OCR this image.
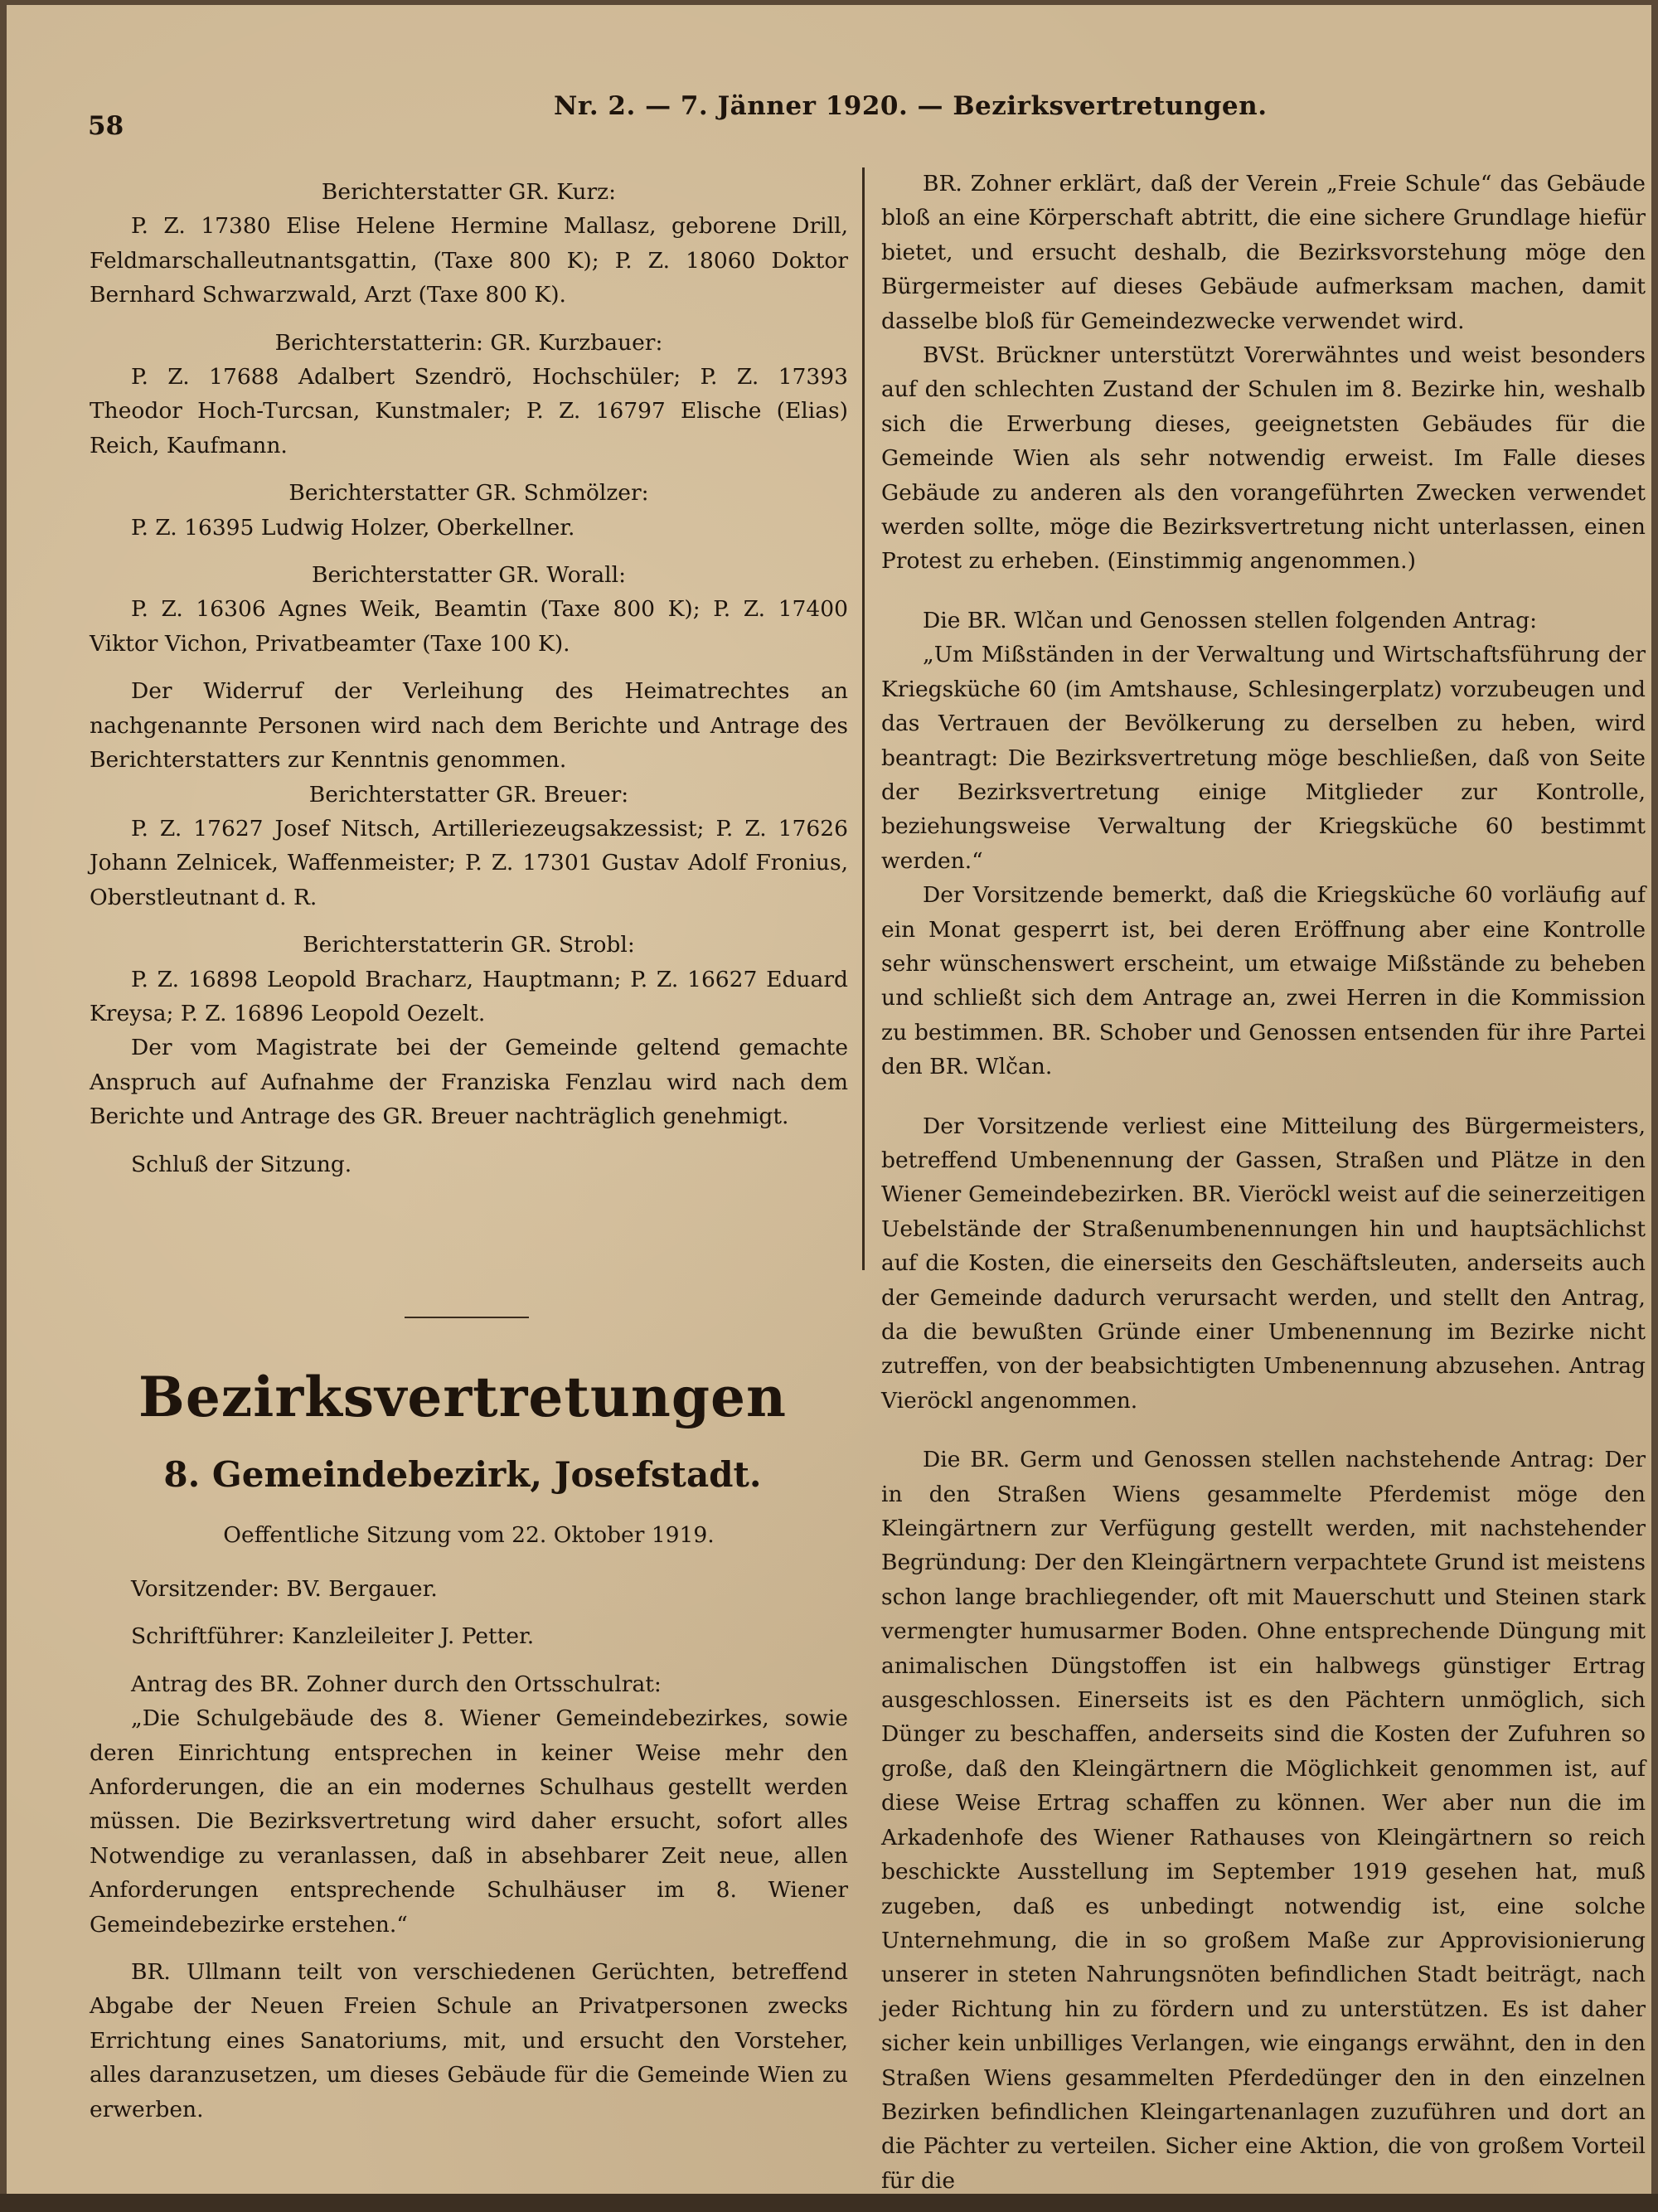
58
Nr. 2. — 7. Jänner 1920. — Bezirksvertretungen.

Berichterstatter GR. Kurz:

P. Z. 17380 Elise Helene Hermine Mallasz, geborene Drill, Feldmarschalleutnantsgattin, (Taxe 800 K); P. Z. 18060 Doktor Bernhard Schwarzwald, Arzt (Taxe 800 K).

Berichterstatterin: GR. Kurzbauer:

P. Z. 17688 Adalbert Szendrö, Hochschüler; P. Z. 17393 Theodor Hoch-Turcsan, Kunstmaler; P. Z. 16797 Elische (Elias) Reich, Kaufmann.

Berichterstatter GR. Schmölzer:

P. Z. 16395 Ludwig Holzer, Oberkellner.

Berichterstatter GR. Worall:

P. Z. 16306 Agnes Weik, Beamtin (Taxe 800 K); P. Z. 17400 Viktor Vichon, Privatbeamter (Taxe 100 K).

Der Widerruf der Verleihung des Heimatrechtes an nachgenannte Personen wird nach dem Berichte und Antrage des Berichterstatters zur Kenntnis genommen.

Berichterstatter GR. Breuer:

P. Z. 17627 Josef Nitsch, Artilleriezeugsakzessist; P. Z. 17626 Johann Zelnicek, Waffenmeister; P. Z. 17301 Gustav Adolf Fronius, Oberstleutnant d. R.

Berichterstatterin GR. Strobl:

P. Z. 16898 Leopold Bracharz, Hauptmann; P. Z. 16627 Eduard Kreysa; P. Z. 16896 Leopold Oezelt.

Der vom Magistrate bei der Gemeinde geltend gemachte Anspruch auf Aufnahme der Franziska Fenzlau wird nach dem Berichte und Antrage des GR. Breuer nachträglich genehmigt.

Schluß der Sitzung.

Bezirksvertretungen
8. Gemeindebezirk, Josefstadt.
Oeffentliche Sitzung vom 22. Oktober 1919.

Vorsitzender: BV. Bergauer.

Schriftführer: Kanzleileiter J. Petter.

Antrag des BR. Zohner durch den Ortsschulrat:

„Die Schulgebäude des 8. Wiener Gemeindebezirkes, sowie deren Einrichtung entsprechen in keiner Weise mehr den Anforderungen, die an ein modernes Schulhaus gestellt werden müssen. Die Bezirksvertretung wird daher ersucht, sofort alles Notwendige zu veranlassen, daß in absehbarer Zeit neue, allen Anforderungen entsprechende Schulhäuser im 8. Wiener Gemeindebezirke erstehen.“

BR. Ullmann teilt von verschiedenen Gerüchten, betreffend Abgabe der Neuen Freien Schule an Privatpersonen zwecks Errichtung eines Sanatoriums, mit, und ersucht den Vorsteher, alles daranzusetzen, um dieses Gebäude für die Gemeinde Wien zu erwerben.

BR. Zohner erklärt, daß der Verein „Freie Schule“ das Gebäude bloß an eine Körperschaft abtritt, die eine sichere Grundlage hiefür bietet, und ersucht deshalb, die Bezirksvorstehung möge den Bürgermeister auf dieses Gebäude aufmerksam machen, damit dasselbe bloß für Gemeindezwecke verwendet wird.

BVSt. Brückner unterstützt Vorerwähntes und weist besonders auf den schlechten Zustand der Schulen im 8. Bezirke hin, weshalb sich die Erwerbung dieses, geeignetsten Gebäudes für die Gemeinde Wien als sehr notwendig erweist. Im Falle dieses Gebäude zu anderen als den vorangeführten Zwecken verwendet werden sollte, möge die Bezirksvertretung nicht unterlassen, einen Protest zu erheben. (Einstimmig angenommen.)

Die BR. Wlčan und Genossen stellen folgenden Antrag:

„Um Mißständen in der Verwaltung und Wirtschaftsführung der Kriegsküche 60 (im Amtshause, Schlesingerplatz) vorzubeugen und das Vertrauen der Bevölkerung zu derselben zu heben, wird beantragt: Die Bezirksvertretung möge beschließen, daß von Seite der Bezirksvertretung einige Mitglieder zur Kontrolle, beziehungsweise Verwaltung der Kriegsküche 60 bestimmt werden.“

Der Vorsitzende bemerkt, daß die Kriegsküche 60 vorläufig auf ein Monat gesperrt ist, bei deren Eröffnung aber eine Kontrolle sehr wünschenswert erscheint, um etwaige Mißstände zu beheben und schließt sich dem Antrage an, zwei Herren in die Kommission zu bestimmen. BR. Schober und Genossen entsenden für ihre Partei den BR. Wlčan.

Der Vorsitzende verliest eine Mitteilung des Bürgermeisters, betreffend Umbenennung der Gassen, Straßen und Plätze in den Wiener Gemeindebezirken. BR. Vieröckl weist auf die seinerzeitigen Uebelstände der Straßenumbenennungen hin und hauptsächlichst auf die Kosten, die einerseits den Geschäftsleuten, anderseits auch der Gemeinde dadurch verursacht werden, und stellt den Antrag, da die bewußten Gründe einer Umbenennung im Bezirke nicht zutreffen, von der beabsichtigten Umbenennung abzusehen. Antrag Vieröckl angenommen.

Die BR. Germ und Genossen stellen nachstehende Antrag: Der in den Straßen Wiens gesammelte Pferdemist möge den Kleingärtnern zur Verfügung gestellt werden, mit nachstehender Begründung: Der den Kleingärtnern verpachtete Grund ist meistens schon lange brachliegender, oft mit Mauerschutt und Steinen stark vermengter humusarmer Boden. Ohne entsprechende Düngung mit animalischen Düngstoffen ist ein halbwegs günstiger Ertrag ausgeschlossen. Einerseits ist es den Pächtern unmöglich, sich Dünger zu beschaffen, anderseits sind die Kosten der Zufuhren so große, daß den Kleingärtnern die Möglichkeit genommen ist, auf diese Weise Ertrag schaffen zu können. Wer aber nun die im Arkadenhofe des Wiener Rathauses von Kleingärtnern so reich beschickte Ausstellung im September 1919 gesehen hat, muß zugeben, daß es unbedingt notwendig ist, eine solche Unternehmung, die in so großem Maße zur Approvisionierung unserer in steten Nahrungsnöten befindlichen Stadt beiträgt, nach jeder Richtung hin zu fördern und zu unterstützen. Es ist daher sicher kein unbilliges Verlangen, wie eingangs erwähnt, den in den Straßen Wiens gesammelten Pferdedünger den in den einzelnen Bezirken befindlichen Kleingartenanlagen zuzuführen und dort an die Pächter zu verteilen. Sicher eine Aktion, die von großem Vorteil für die
